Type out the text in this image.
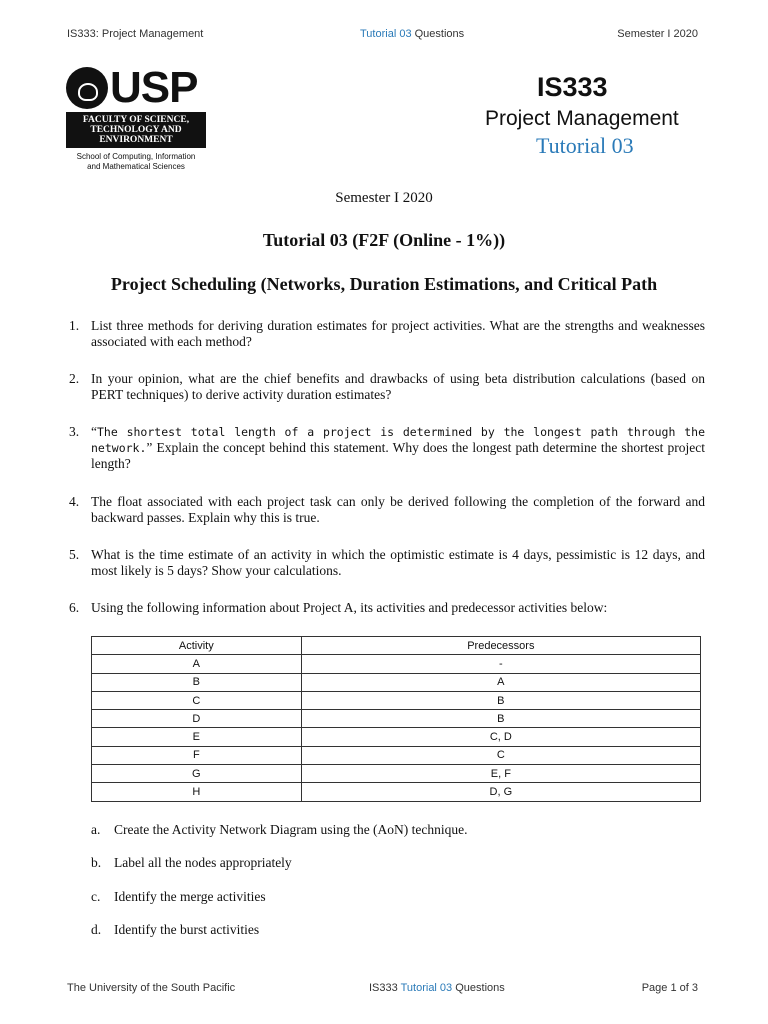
IS333: Project Management	Tutorial 03 Questions	Semester I 2020
USP
FACULTY OF SCIENCE,
TECHNOLOGY AND
ENVIRONMENT
School of Computing, Information
and Mathematical Sciences
IS333
Project Management
Tutorial 03
Semester I 2020
Tutorial 03 (F2F (Online - 1%))
Project Scheduling (Networks, Duration Estimations, and Critical Path
1. List three methods for deriving duration estimates for project activities. What are the strengths and weaknesses associated with each method?
2. In your opinion, what are the chief benefits and drawbacks of using beta distribution calculations (based on PERT techniques) to derive activity duration estimates?
3. “The shortest total length of a project is determined by the longest path through the network.” Explain the concept behind this statement. Why does the longest path determine the shortest project length?
4. The float associated with each project task can only be derived following the completion of the forward and backward passes. Explain why this is true.
5. What is the time estimate of an activity in which the optimistic estimate is 4 days, pessimistic is 12 days, and most likely is 5 days? Show your calculations.
6. Using the following information about Project A, its activities and predecessor activities below:
Activity	Predecessors
A	-
B	A
C	B
D	B
E	C, D
F	C
G	E, F
H	D, G
a. Create the Activity Network Diagram using the (AoN) technique.
b. Label all the nodes appropriately
c. Identify the merge activities
d. Identify the burst activities
The University of the South Pacific	IS333 Tutorial 03 Questions	Page 1 of 3
